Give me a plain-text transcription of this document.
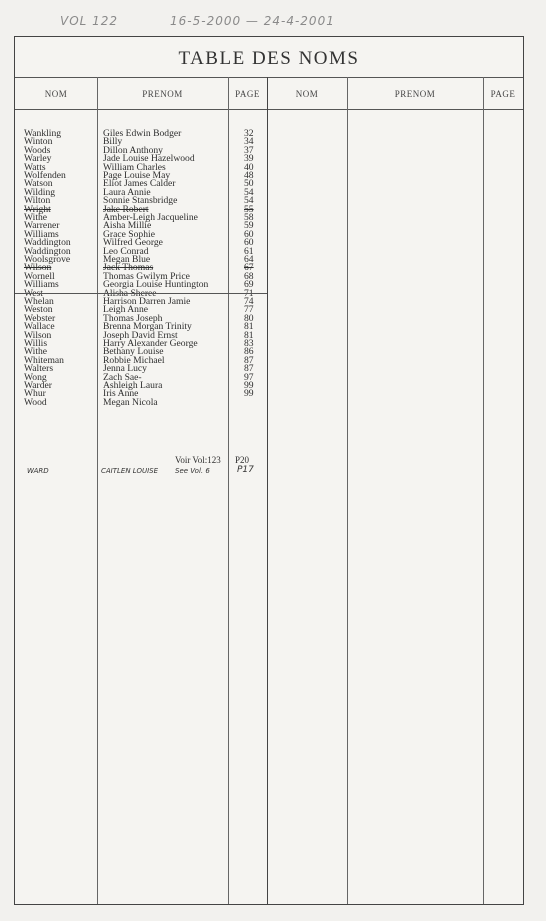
VOL 122	16-5-2000 — 24-4-2001
TABLE DES NOMS
NOM	PRENOM	PAGE	NOM	PRENOM	PAGE
Wankling	Giles Edwin Bodger	32
Winton	Billy	34
Woods	Dillon Anthony	37
Warley	Jade Louise Hazelwood	39
Watts	William Charles	40
Wolfenden	Page Louise May	48
Watson	Eliot James Calder	50
Wilding	Laura Annie	54
Wilton	Sonnie Stansbridge	54
Wright	Jake Robert	55
Withe	Amber-Leigh Jacqueline	58
Warrener	Aisha Millie	59
Williams	Grace Sophie	60
Waddington	Wilfred George	60
Waddington	Leo Conrad	61
Woolsgrove	Megan Blue	64
Wilson	Jack Thomas	67
Wornell	Thomas Gwilym Price	68
Williams	Georgia Louise Huntington	69
West	Alisha Sheree	71
Whelan	Harrison Darren Jamie	74
Weston	Leigh Anne	77
Webster	Thomas Joseph	80
Wallace	Brenna Morgan Trinity	81
Wilson	Joseph David Ernst	81
Willis	Harry Alexander George	83
Withe	Bethany Louise	86
Whiteman	Robbie Michael	87
Walters	Jenna Lucy	87
Wong	Zach Sae-	97
Warder	Ashleigh Laura	99
Whur	Iris Anne	99
Wood	Megan Nicola
Voir Vol:123 P20
WARD	CAITLEN LOUISE See Vol. 6	P17
